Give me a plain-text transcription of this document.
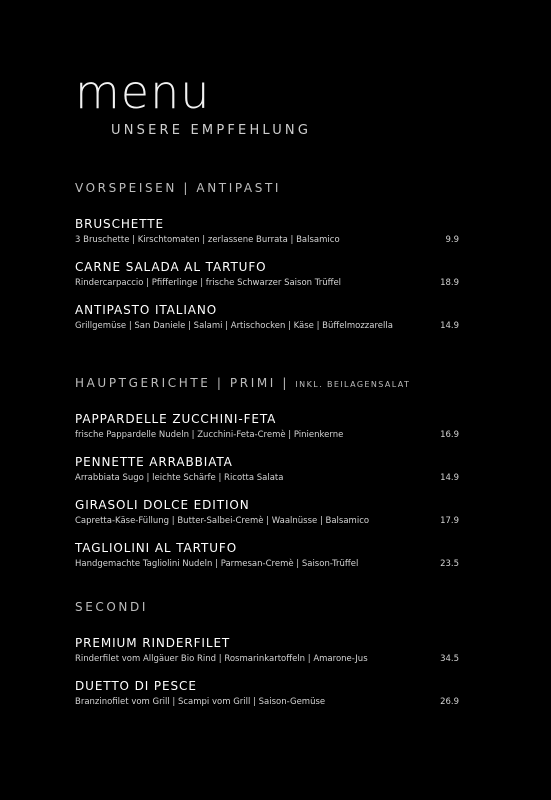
menu
UNSERE EMPFEHLUNG
VORSPEISEN | ANTIPASTI
BRUSCHETTE
3 Bruschette | Kirschtomaten | zerlassene Burrata | Balsamico	9.9
CARNE SALADA AL TARTUFO
Rindercarpaccio | Pfifferlinge | frische Schwarzer Saison Trüffel	18.9
ANTIPASTO ITALIANO
Grillgemüse | San Daniele | Salami | Artischocken | Käse | Büffelmozzarella	14.9
HAUPTGERICHTE | PRIMI | INKL. BEILAGENSALAT
PAPPARDELLE ZUCCHINI-FETA
frische Pappardelle Nudeln | Zucchini-Feta-Cremè | Pinienkerne	16.9
PENNETTE ARRABBIATA
Arrabbiata Sugo | leichte Schärfe | Ricotta Salata	14.9
GIRASOLI DOLCE EDITION
Capretta-Käse-Füllung | Butter-Salbei-Cremè | Waalnüsse | Balsamico	17.9
TAGLIOLINI AL TARTUFO
Handgemachte Tagliolini Nudeln | Parmesan-Cremè | Saison-Trüffel	23.5
SECONDI
PREMIUM RINDERFILET
Rinderfilet vom Allgäuer Bio Rind | Rosmarinkartoffeln | Amarone-Jus	34.5
DUETTO DI PESCE
Branzinofilet vom Grill | Scampi vom Grill | Saison-Gemüse	26.9
